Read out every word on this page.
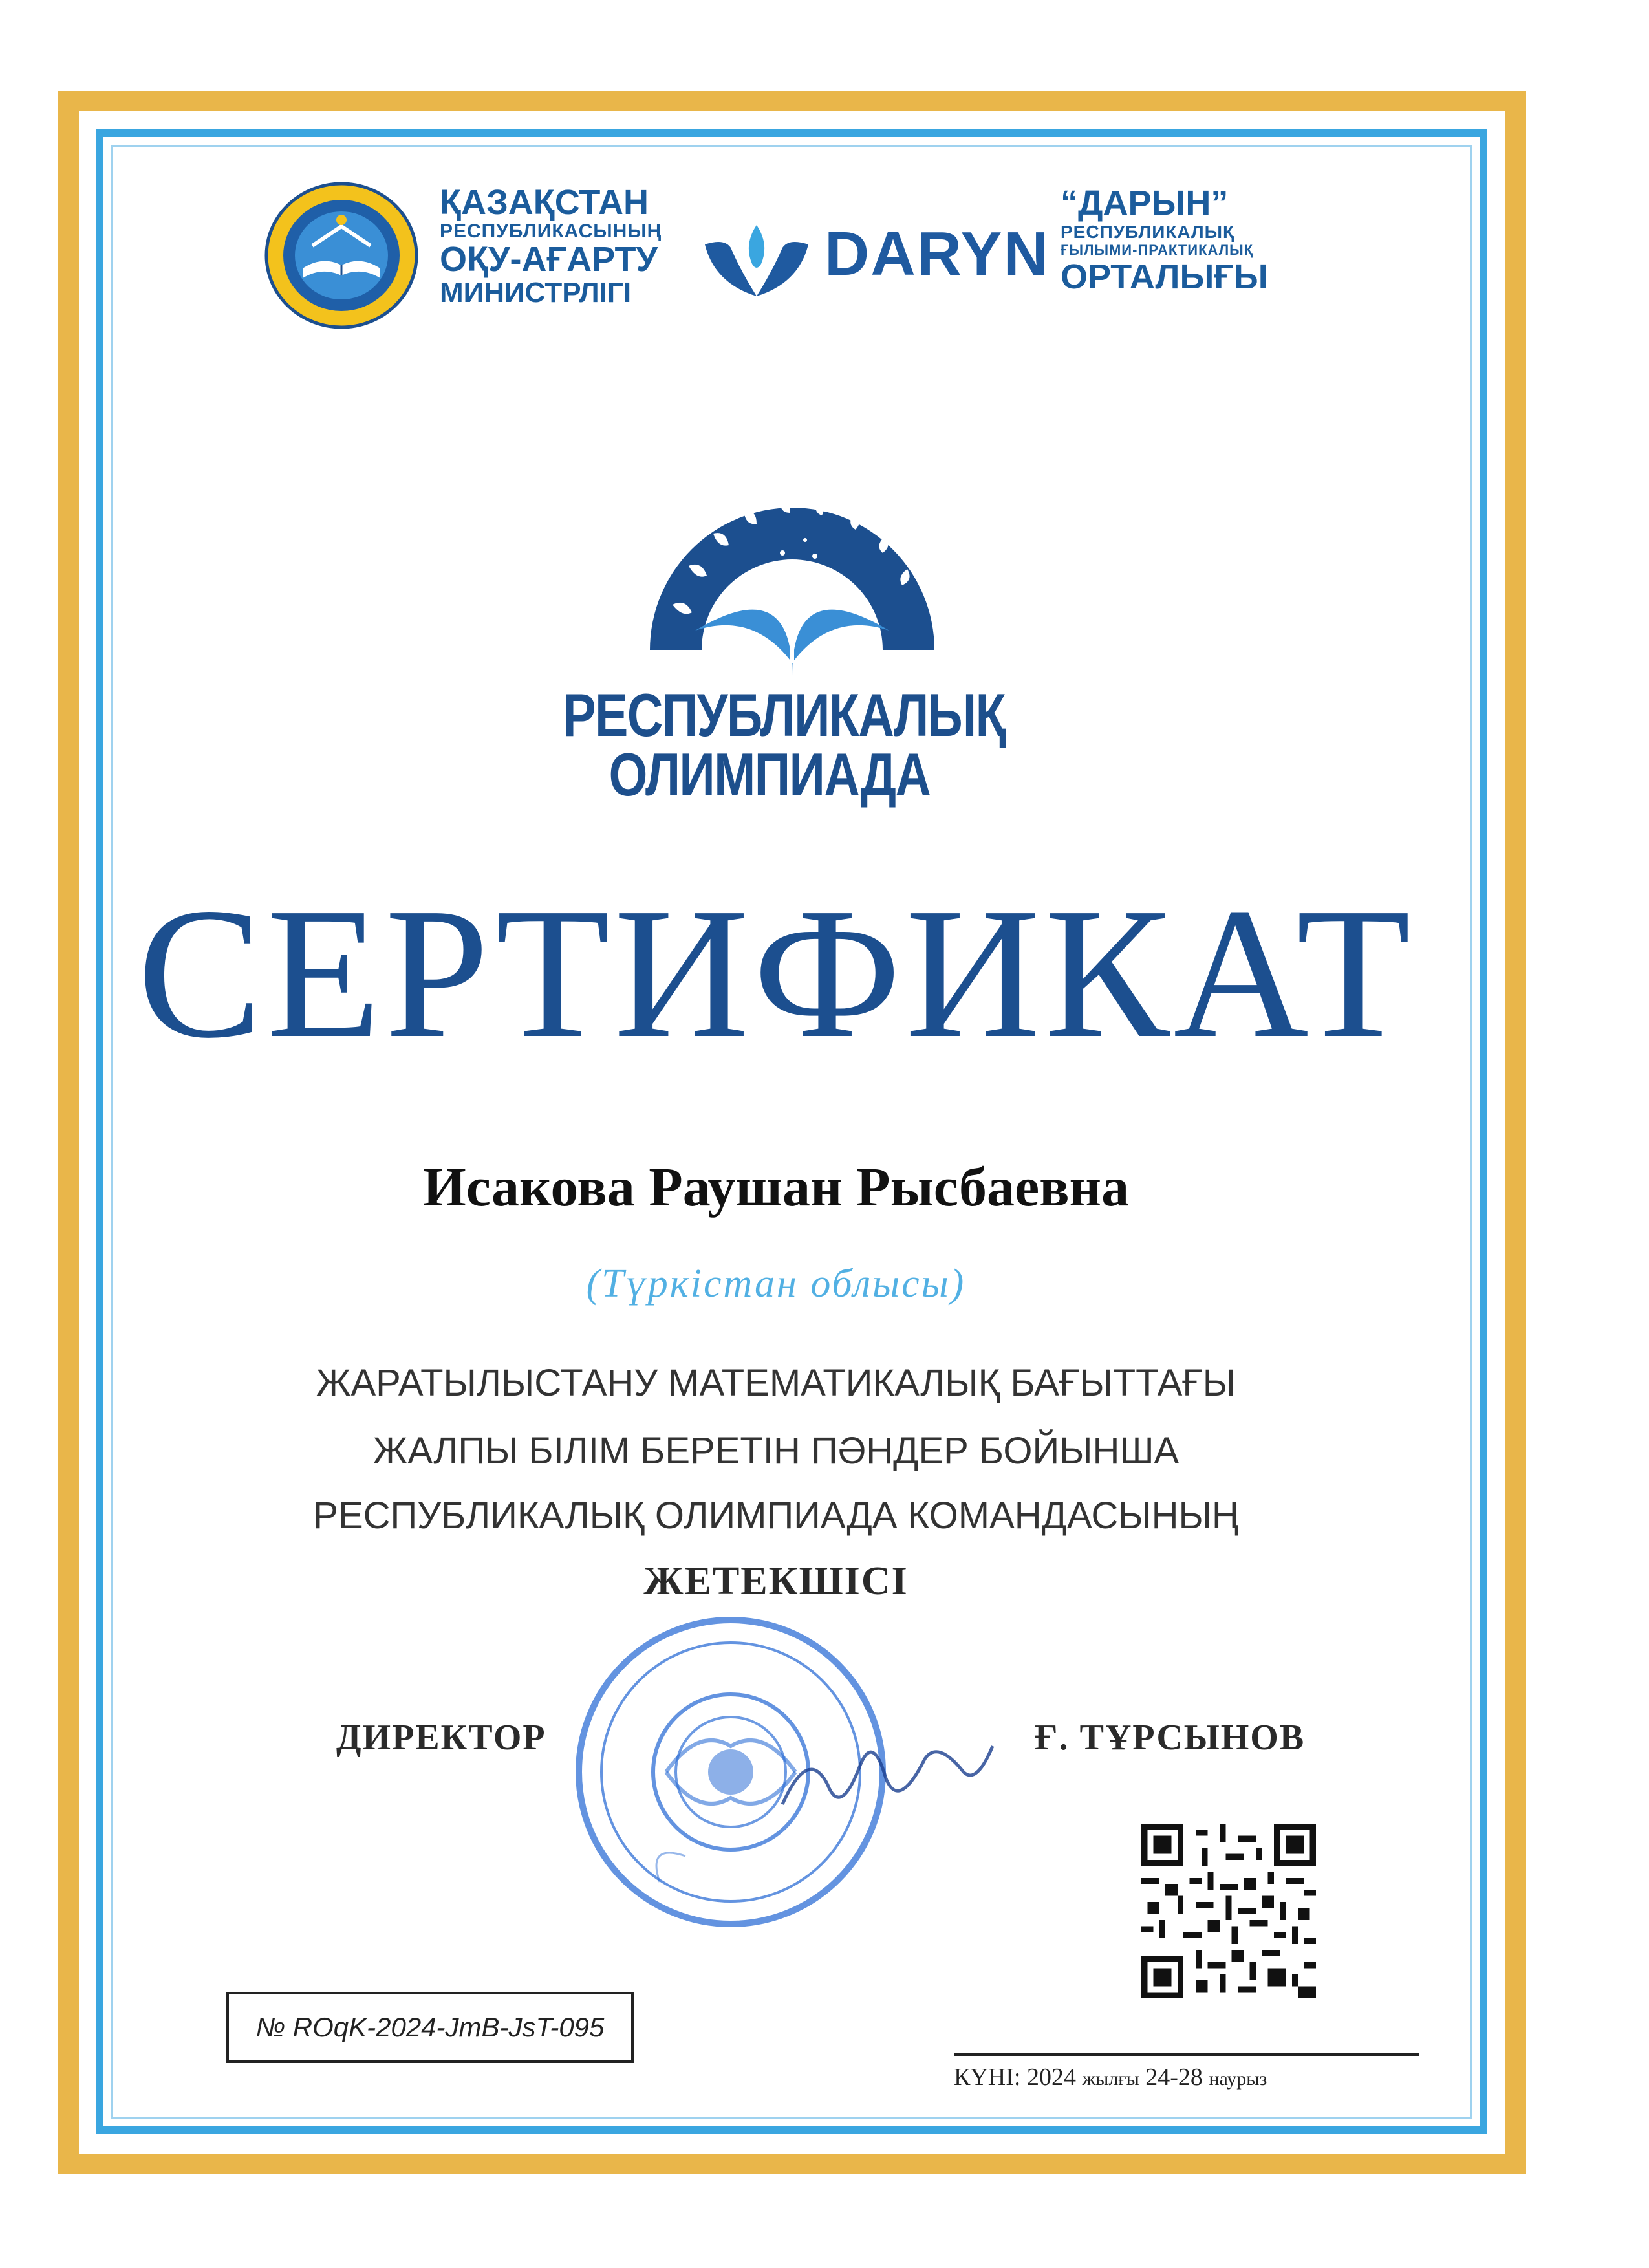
ҚАЗАҚСТАН
РЕСПУБЛИКАСЫНЫҢ
ОҚУ-АҒАРТУ
МИНИСТРЛІГІ
DARYN
“ДАРЫН”
РЕСПУБЛИКАЛЫҚ
ҒЫЛЫМИ-ПРАКТИКАЛЫҚ
ОРТАЛЫҒЫ
РЕСПУБЛИКАЛЫҚ
ОЛИМПИАДА
СЕРТИФИКАТ
Исакова Раушан Рысбаевна
(Түркістан облысы)
ЖАРАТЫЛЫСТАНУ МАТЕМАТИКАЛЫҚ БАҒЫТТАҒЫ
ЖАЛПЫ БІЛІМ БЕРЕТІН ПӘНДЕР БОЙЫНША
РЕСПУБЛИКАЛЫҚ ОЛИМПИАДА КОМАНДАСЫНЫҢ
ЖЕТЕКШІСІ
ДИРЕКТОР	Ғ. ТҰРСЫНОВ
№ ROqK-2024-JmB-JsT-095
КҮНІ: 2024 жылғы 24-28 наурыз
